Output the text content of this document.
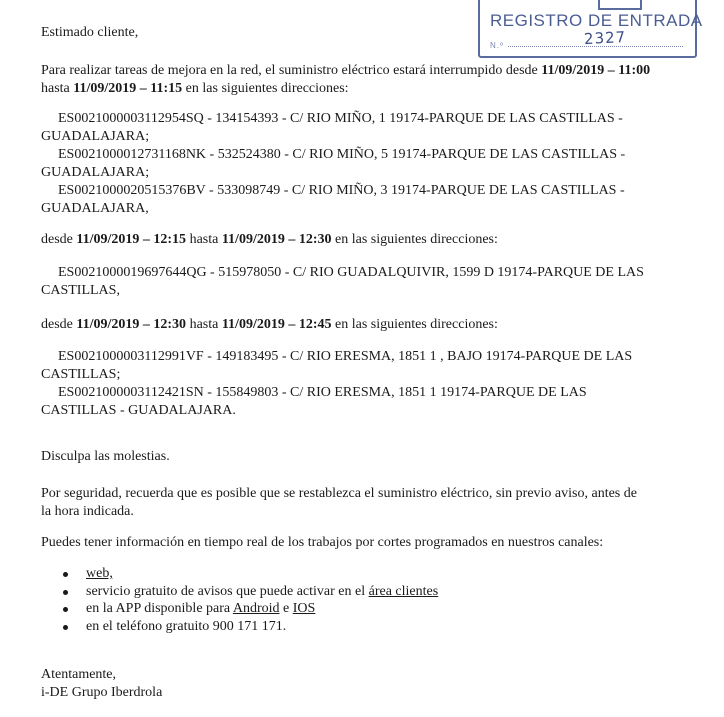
REGISTRO DE ENTRADA
N.º	2327

Estimado cliente,

Para realizar tareas de mejora en la red, el suministro eléctrico estará interrumpido desde 11/09/2019 – 11:00 hasta 11/09/2019 – 11:15 en las siguientes direcciones:

ES0021000003112954SQ - 134154393 - C/ RIO MIÑO, 1 19174-PARQUE DE LAS CASTILLAS -
GUADALAJARA;

ES0021000012731168NK - 532524380 - C/ RIO MIÑO, 5 19174-PARQUE DE LAS CASTILLAS -
GUADALAJARA;

ES0021000020515376BV - 533098749 - C/ RIO MIÑO, 3 19174-PARQUE DE LAS CASTILLAS -
GUADALAJARA,

desde 11/09/2019 – 12:15 hasta 11/09/2019 – 12:30 en las siguientes direcciones:

ES0021000019697644QG - 515978050 - C/ RIO GUADALQUIVIR, 1599 D 19174-PARQUE DE LAS
CASTILLAS,

desde 11/09/2019 – 12:30 hasta 11/09/2019 – 12:45 en las siguientes direcciones:

ES0021000003112991VF - 149183495 - C/ RIO ERESMA, 1851 1 , BAJO 19174-PARQUE DE LAS
CASTILLAS;

ES0021000003112421SN - 155849803 - C/ RIO ERESMA, 1851 1 19174-PARQUE DE LAS
CASTILLAS - GUADALAJARA.

Disculpa las molestias.

Por seguridad, recuerda que es posible que se restablezca el suministro eléctrico, sin previo aviso, antes de
la hora indicada.

Puedes tener información en tiempo real de los trabajos por cortes programados en nuestros canales:

web,
servicio gratuito de avisos que puede activar en el área clientes
en la APP disponible para Android e IOS
en el teléfono gratuito 900 171 171.

Atentamente,

i-DE Grupo Iberdrola
